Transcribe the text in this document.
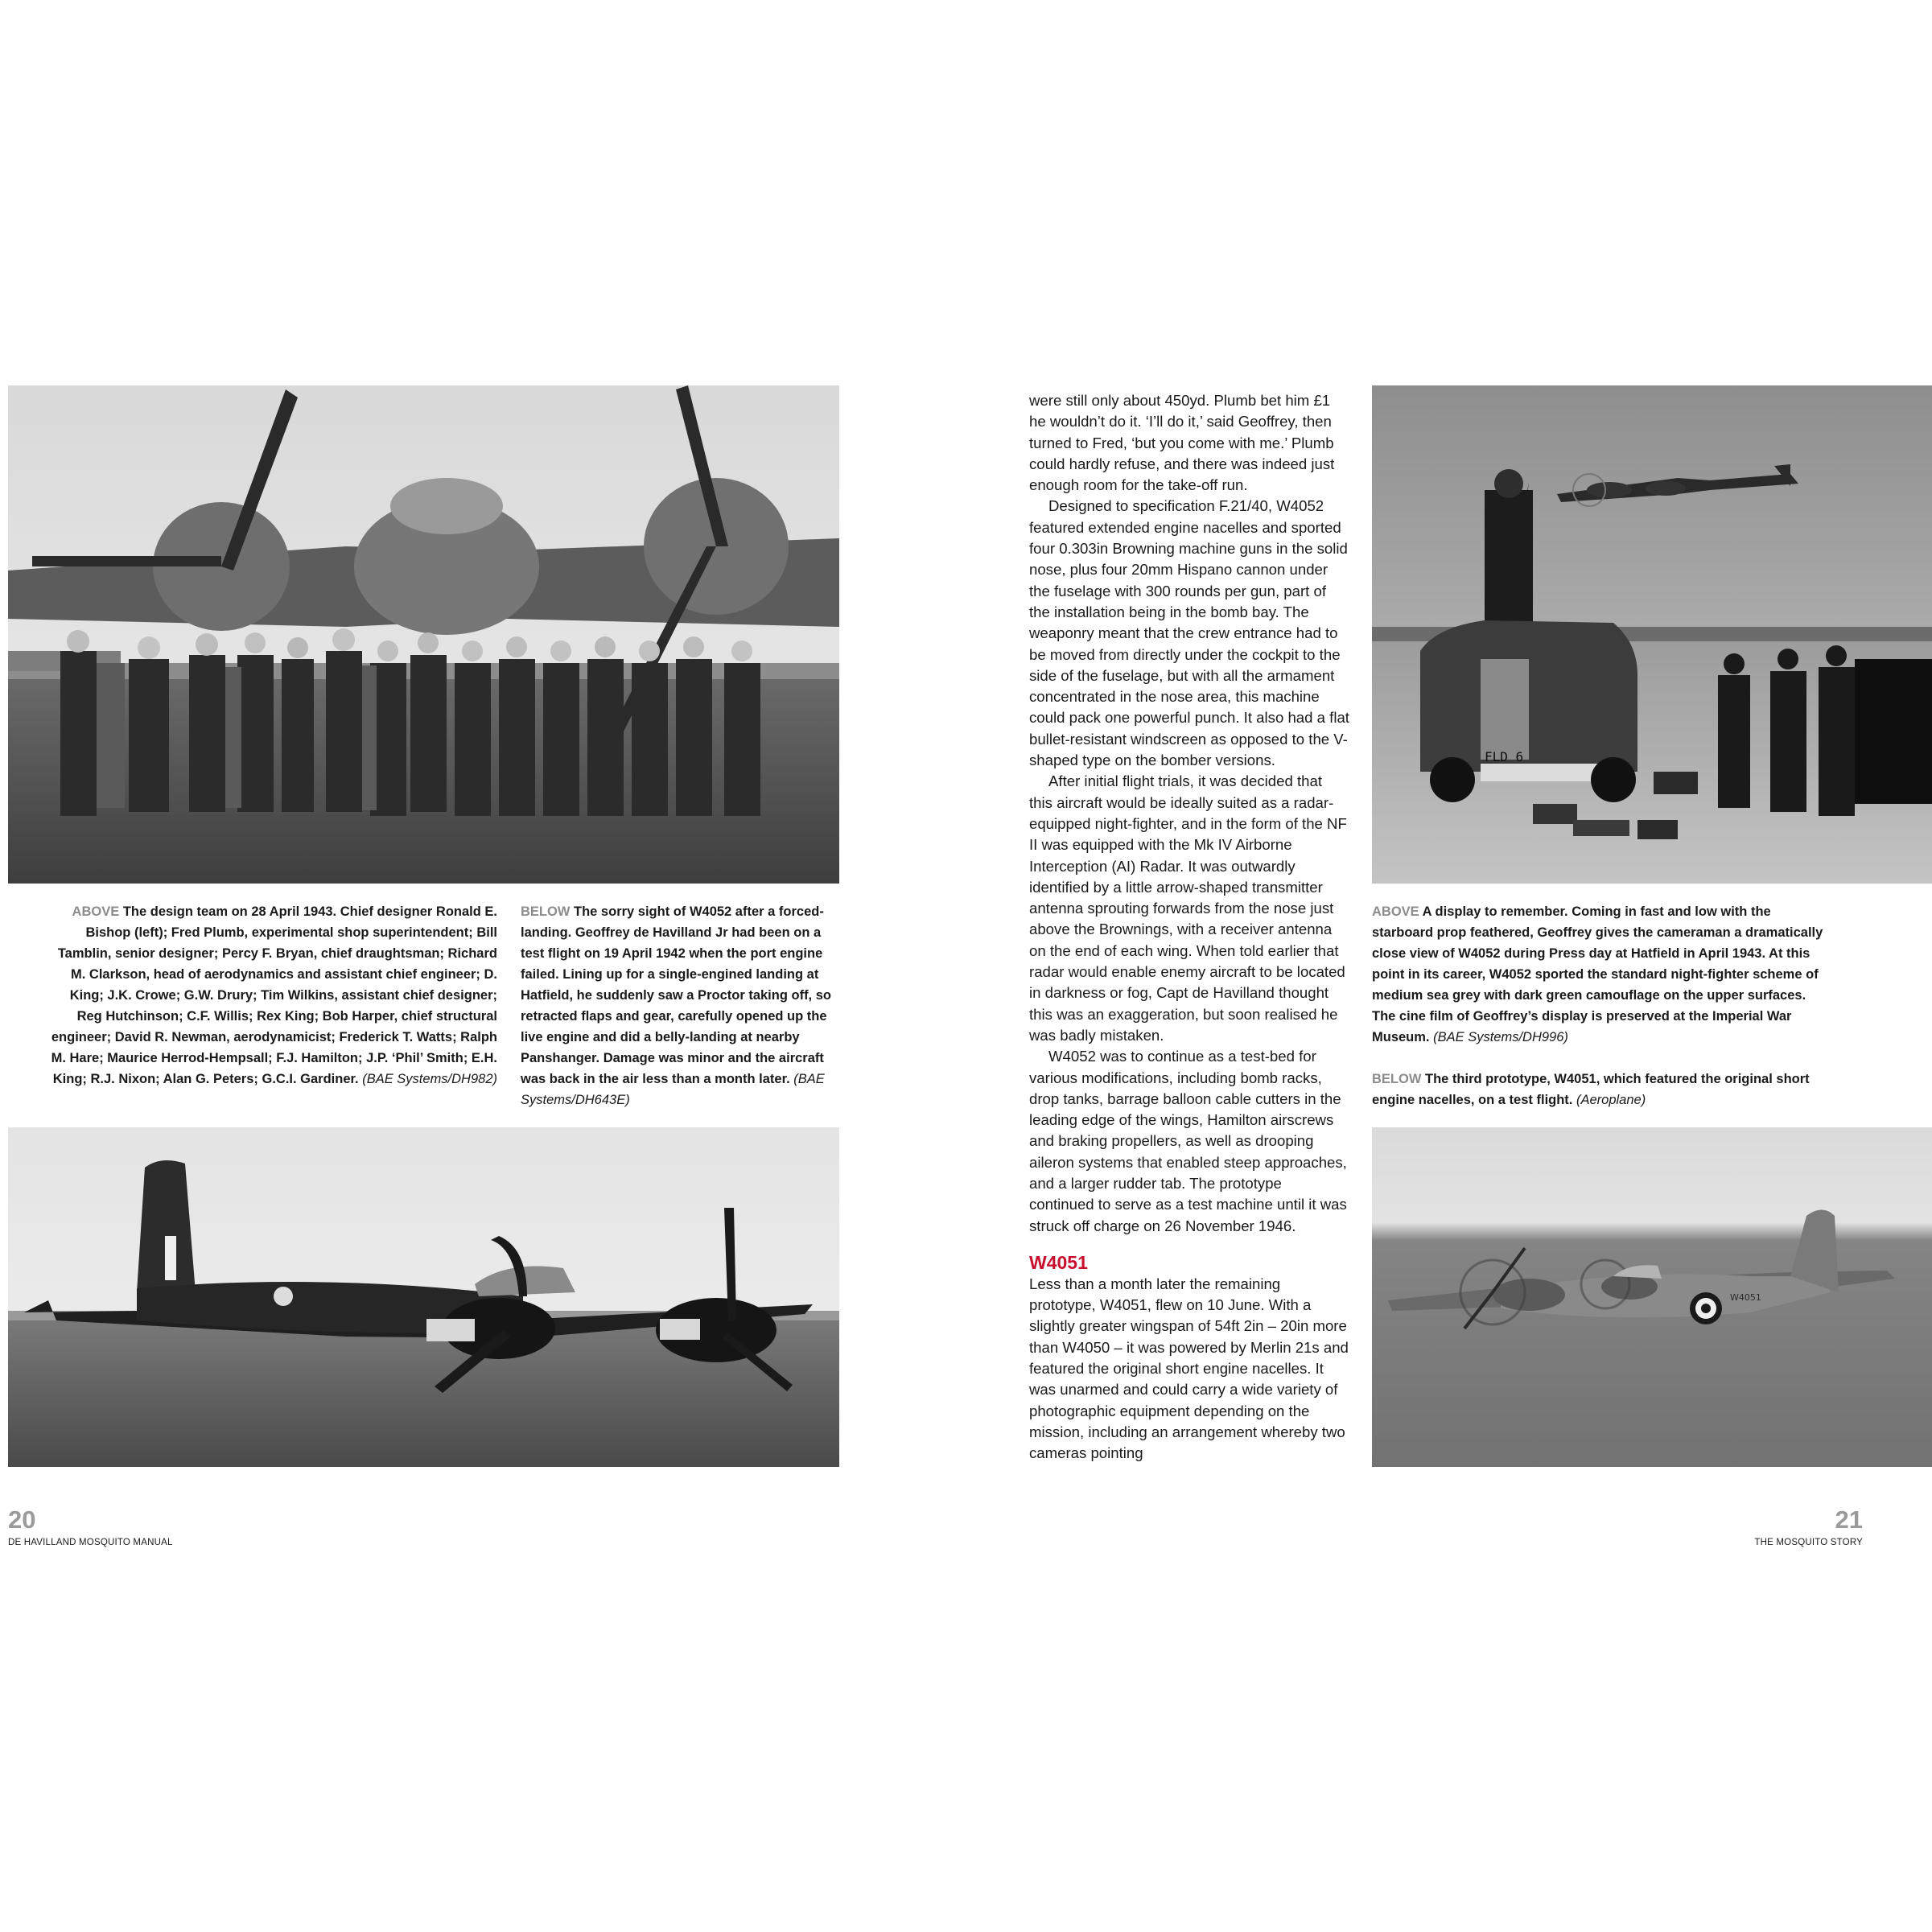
ABOVE The design team on 28 April 1943. Chief designer Ronald E. Bishop (left); Fred Plumb, experimental shop superintendent; Bill Tamblin, senior designer; Percy F. Bryan, chief draughtsman; Richard M. Clarkson, head of aerodynamics and assistant chief engineer; D. King; J.K. Crowe; G.W. Drury; Tim Wilkins, assistant chief designer; Reg Hutchinson; C.F. Willis; Rex King; Bob Harper, chief structural engineer; David R. Newman, aerodynamicist; Frederick T. Watts; Ralph M. Hare; Maurice Herrod-Hempsall; F.J. Hamilton; J.P. ‘Phil’ Smith; E.H. King; R.J. Nixon; Alan G. Peters; G.C.I. Gardiner. (BAE Systems/DH982)

BELOW The sorry sight of W4052 after a forced-landing. Geoffrey de Havilland Jr had been on a test flight on 19 April 1942 when the port engine failed. Lining up for a single-engined landing at Hatfield, he suddenly saw a Proctor taking off, so retracted flaps and gear, carefully opened up the live engine and did a belly-landing at nearby Panshanger. Damage was minor and the aircraft was back in the air less than a month later. (BAE Systems/DH643E)

20
DE HAVILLAND MOSQUITO MANUAL

were still only about 450yd. Plumb bet him £1 he wouldn’t do it. ‘I’ll do it,’ said Geoffrey, then turned to Fred, ‘but you come with me.’ Plumb could hardly refuse, and there was indeed just enough room for the take-off run.

Designed to specification F.21/40, W4052 featured extended engine nacelles and sported four 0.303in Browning machine guns in the solid nose, plus four 20mm Hispano cannon under the fuselage with 300 rounds per gun, part of the installation being in the bomb bay. The weaponry meant that the crew entrance had to be moved from directly under the cockpit to the side of the fuselage, but with all the armament concentrated in the nose area, this machine could pack one powerful punch. It also had a flat bullet-resistant windscreen as opposed to the V-shaped type on the bomber versions.

After initial flight trials, it was decided that this aircraft would be ideally suited as a radar-equipped night-fighter, and in the form of the NF II was equipped with the Mk IV Airborne Interception (AI) Radar. It was outwardly identified by a little arrow-shaped transmitter antenna sprouting forwards from the nose just above the Brownings, with a receiver antenna on the end of each wing. When told earlier that radar would enable enemy aircraft to be located in darkness or fog, Capt de Havilland thought this was an exaggeration, but soon realised he was badly mistaken.

W4052 was to continue as a test-bed for various modifications, including bomb racks, drop tanks, barrage balloon cable cutters in the leading edge of the wings, Hamilton airscrews and braking propellers, as well as drooping aileron systems that enabled steep approaches, and a larger rudder tab. The prototype continued to serve as a test machine until it was struck off charge on 26 November 1946.

W4051

Less than a month later the remaining prototype, W4051, flew on 10 June. With a slightly greater wingspan of 54ft 2in – 20in more than W4050 – it was powered by Merlin 21s and featured the original short engine nacelles. It was unarmed and could carry a wide variety of photographic equipment depending on the mission, including an arrangement whereby two cameras pointing

FLD 6

ABOVE A display to remember. Coming in fast and low with the starboard prop feathered, Geoffrey gives the cameraman a dramatically close view of W4052 during Press day at Hatfield in April 1943. At this point in its career, W4052 sported the standard night-fighter scheme of medium sea grey with dark green camouflage on the upper surfaces. The cine film of Geoffrey’s display is preserved at the Imperial War Museum. (BAE Systems/DH996)

BELOW The third prototype, W4051, which featured the original short engine nacelles, on a test flight. (Aeroplane)

W4051
21
THE MOSQUITO STORY
